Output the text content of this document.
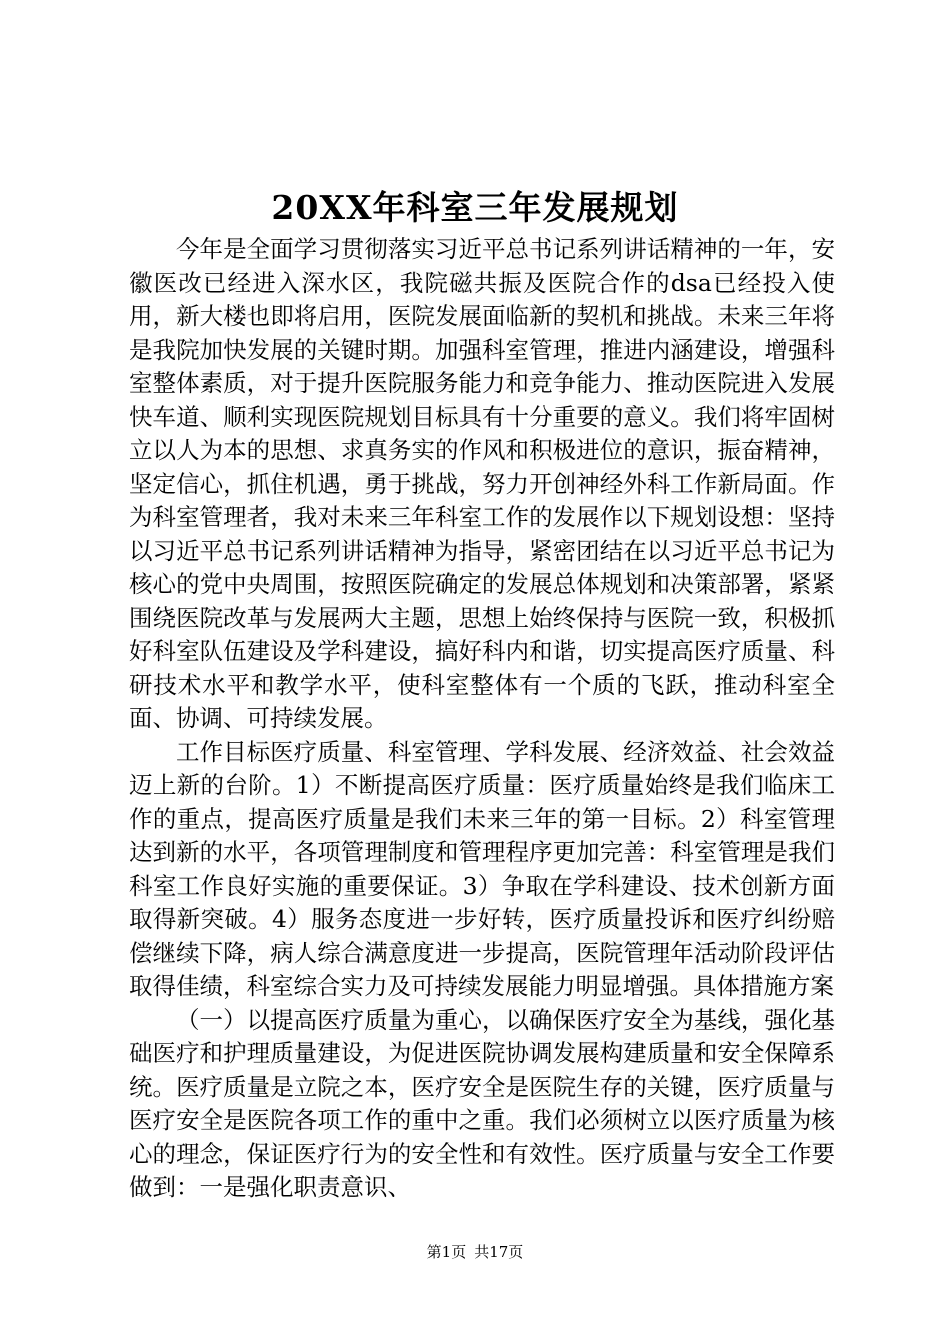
20XX年科室三年发展规划

今年是全面学习贯彻落实习近平总书记系列讲话精神的一年，安徽医改已经进入深水区，我院磁共振及医院合作的dsa已经投入使用，新大楼也即将启用，医院发展面临新的契机和挑战。未来三年将是我院加快发展的关键时期。加强科室管理，推进内涵建设，增强科室整体素质，对于提升医院服务能力和竞争能力、推动医院进入发展快车道、顺利实现医院规划目标具有十分重要的意义。我们将牢固树立以人为本的思想、求真务实的作风和积极进位的意识，振奋精神，坚定信心，抓住机遇，勇于挑战，努力开创神经外科工作新局面。作为科室管理者，我对未来三年科室工作的发展作以下规划设想：坚持以习近平总书记系列讲话精神为指导，紧密团结在以习近平总书记为核心的党中央周围，按照医院确定的发展总体规划和决策部署，紧紧围绕医院改革与发展两大主题，思想上始终保持与医院一致，积极抓好科室队伍建设及学科建设，搞好科内和谐，切实提高医疗质量、科研技术水平和教学水平，使科室整体有一个质的飞跃，推动科室全面、协调、可持续发展。

工作目标医疗质量、科室管理、学科发展、经济效益、社会效益迈上新的台阶。1）不断提高医疗质量：医疗质量始终是我们临床工作的重点，提高医疗质量是我们未来三年的第一目标。2）科室管理达到新的水平，各项管理制度和管理程序更加完善：科室管理是我们科室工作良好实施的重要保证。3）争取在学科建设、技术创新方面取得新突破。4）服务态度进一步好转，医疗质量投诉和医疗纠纷赔偿继续下降，病人综合满意度进一步提高，医院管理年活动阶段评估取得佳绩，科室综合实力及可持续发展能力明显增强。具体措施方案

（一）以提高医疗质量为重心，以确保医疗安全为基线，强化基础医疗和护理质量建设，为促进医院协调发展构建质量和安全保障系统。医疗质量是立院之本，医疗安全是医院生存的关键，医疗质量与医疗安全是医院各项工作的重中之重。我们必须树立以医疗质量为核心的理念，保证医疗行为的安全性和有效性。医疗质量与安全工作要做到：一是强化职责意识、

第1页 共17页
